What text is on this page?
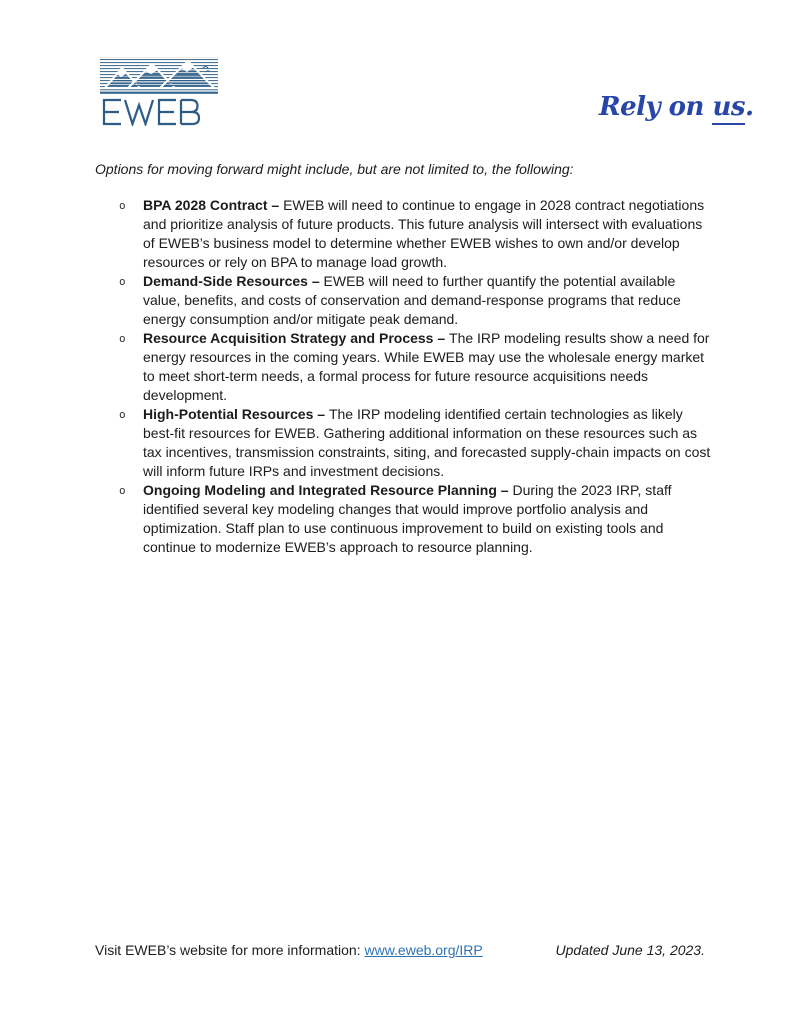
Rely on us.

Options for moving forward might include, but are not limited to, the following:

o	BPA 2028 Contract – EWEB will need to continue to engage in 2028 contract negotiations and prioritize analysis of future products. This future analysis will intersect with evaluations of EWEB’s business model to determine whether EWEB wishes to own and/or develop resources or rely on BPA to manage load growth.

o	Demand-Side Resources – EWEB will need to further quantify the potential available value, benefits, and costs of conservation and demand-response programs that reduce energy consumption and/or mitigate peak demand.

o	Resource Acquisition Strategy and Process – The IRP modeling results show a need for energy resources in the coming years. While EWEB may use the wholesale energy market to meet short-term needs, a formal process for future resource acquisitions needs development.

o	High-Potential Resources – The IRP modeling identified certain technologies as likely best-fit resources for EWEB. Gathering additional information on these resources such as tax incentives, transmission constraints, siting, and forecasted supply-chain impacts on cost will inform future IRPs and investment decisions.

o	Ongoing Modeling and Integrated Resource Planning – During the 2023 IRP, staff identified several key modeling changes that would improve portfolio analysis and optimization. Staff plan to use continuous improvement to build on existing tools and continue to modernize EWEB’s approach to resource planning.

Visit EWEB’s website for more information: www.eweb.org/IRP	Updated June 13, 2023.
